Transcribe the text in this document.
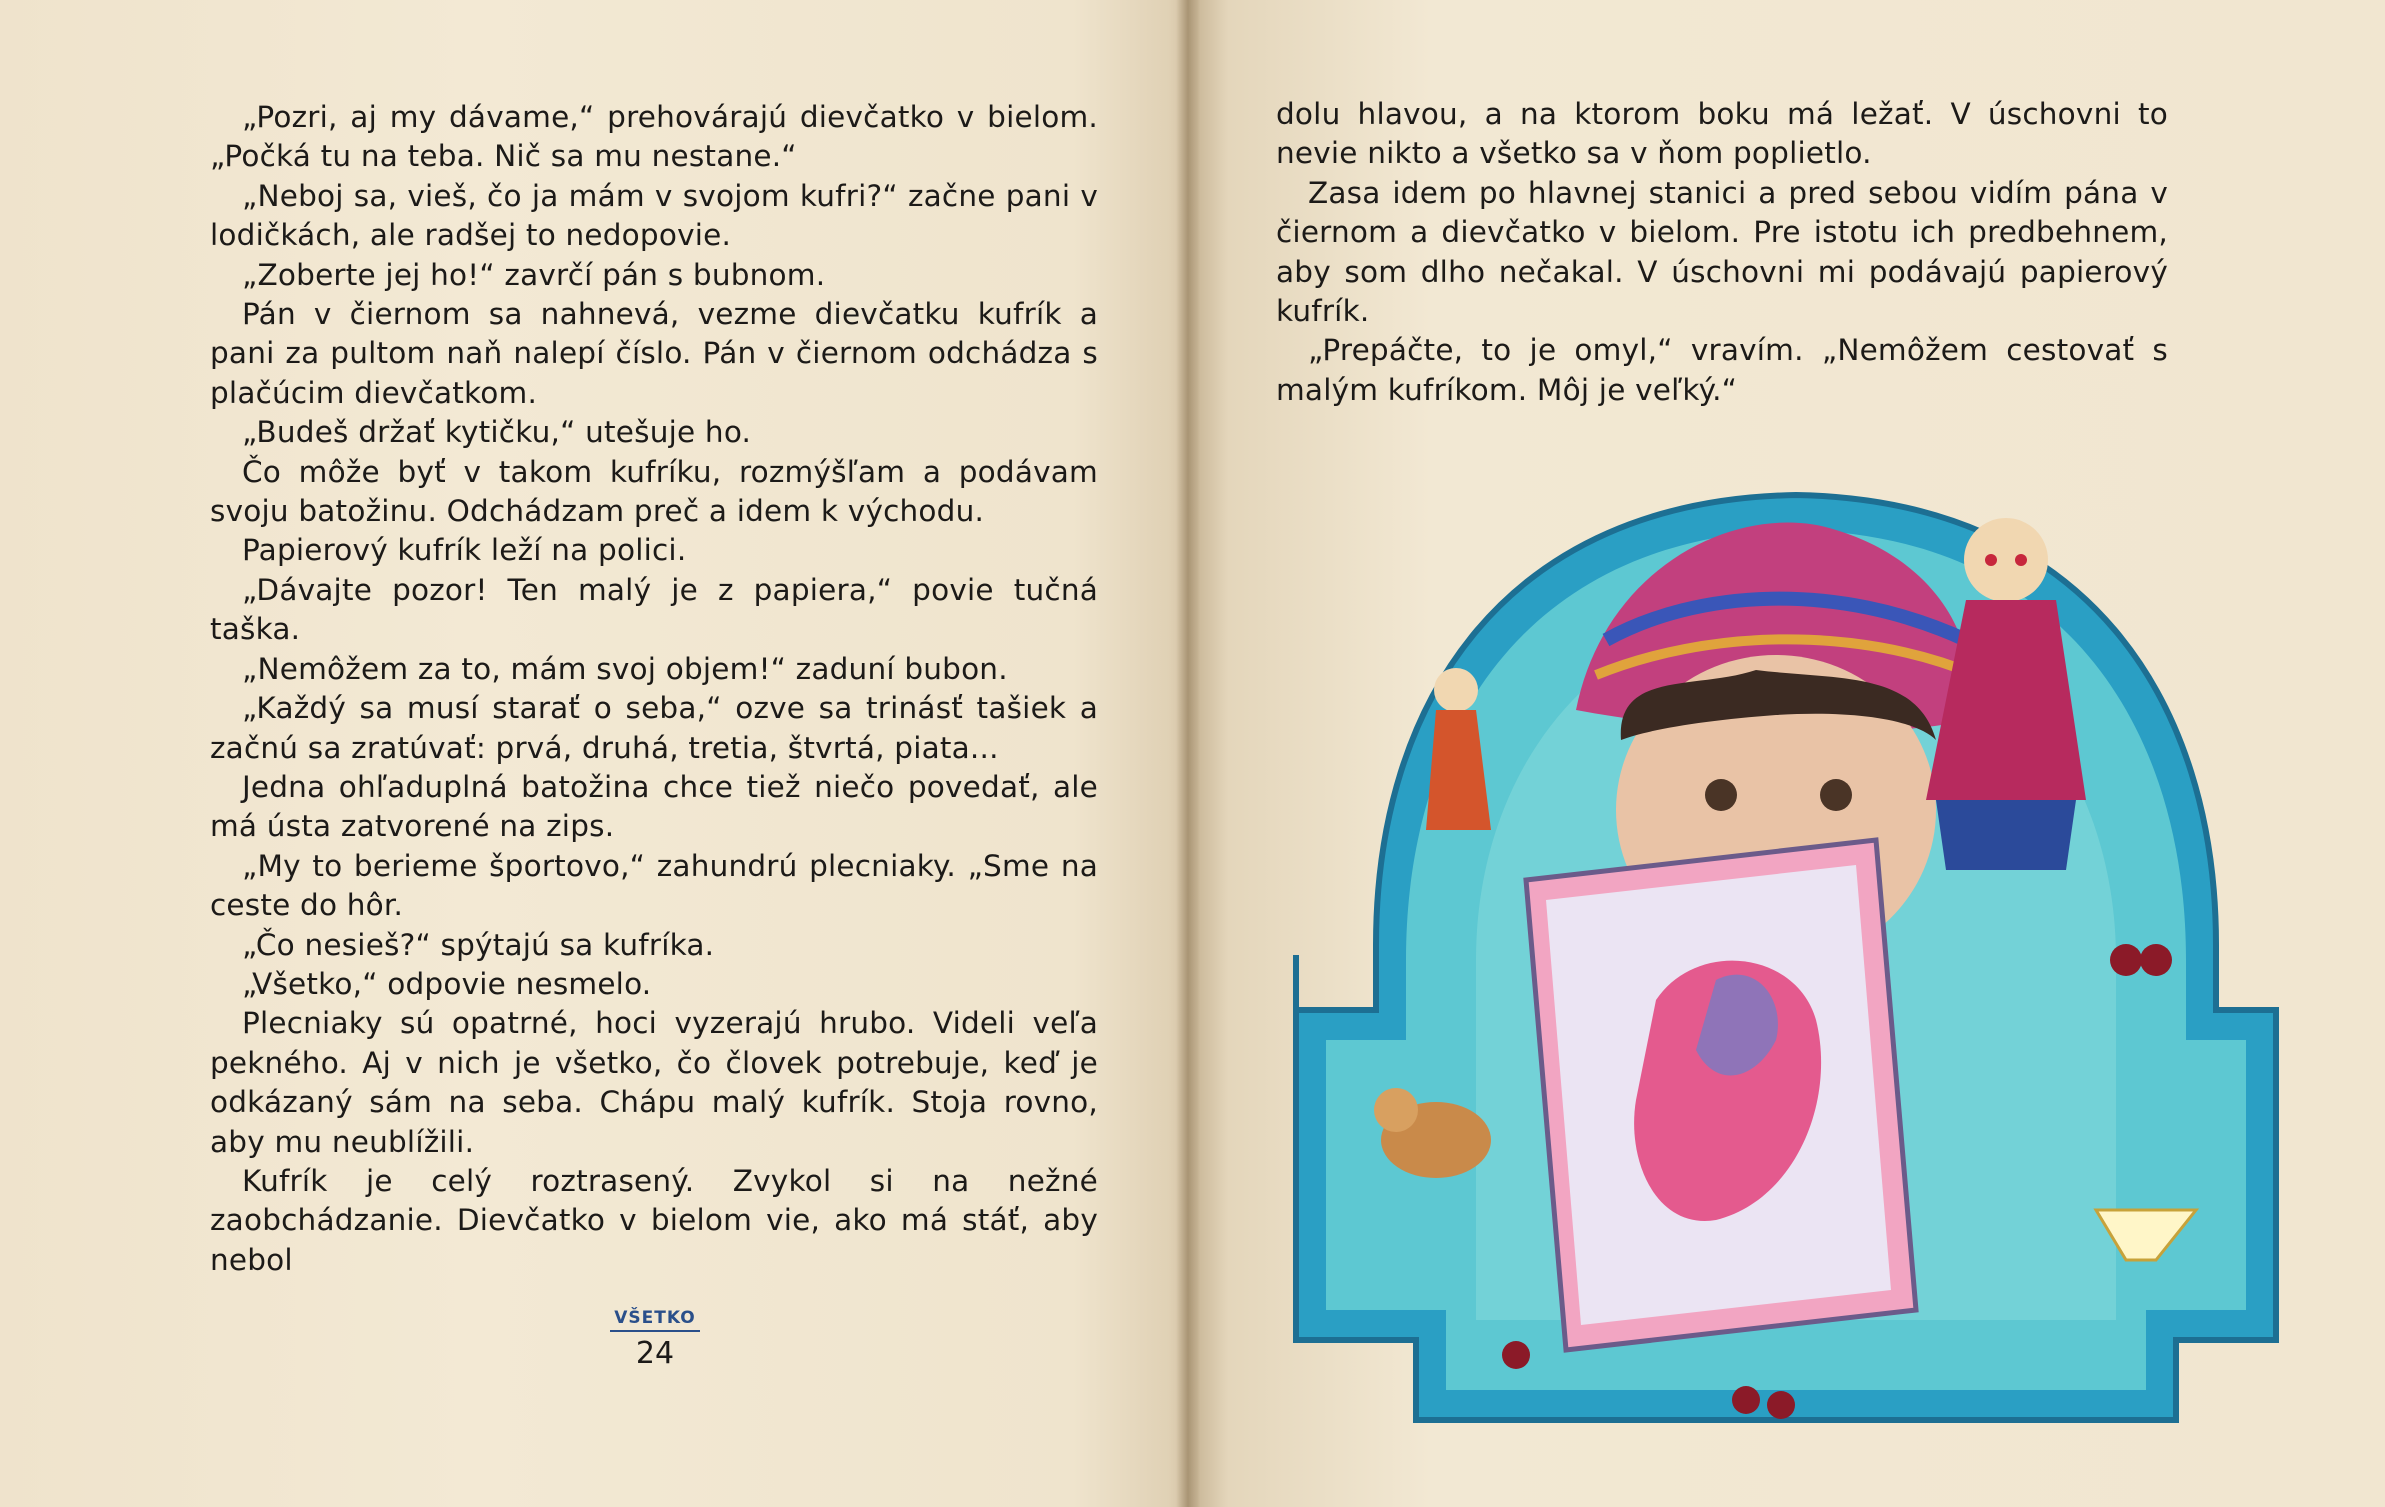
„Pozri, aj my dávame,“ prehovárajú dievčatko v bielom. „Počká tu na teba. Nič sa mu nestane.“

„Neboj sa, vieš, čo ja mám v svojom kufri?“ začne pani v lodičkách, ale radšej to nedopovie.

„Zoberte jej ho!“ zavrčí pán s bubnom.

Pán v čiernom sa nahnevá, vezme dievčatku kufrík a pani za pultom naň nalepí číslo. Pán v čiernom odchádza s plačúcim dievčatkom.

„Budeš držať kytičku,“ utešuje ho.

Čo môže byť v takom kufríku, rozmýšľam a podávam svoju batožinu. Odchádzam preč a idem k východu.

Papierový kufrík leží na polici.

„Dávajte pozor! Ten malý je z papiera,“ povie tučná taška.

„Nemôžem za to, mám svoj objem!“ zaduní bubon.

„Každý sa musí starať o seba,“ ozve sa trinásť tašiek a začnú sa zratúvať: prvá, druhá, tretia, štvrtá, piata...

Jedna ohľaduplná batožina chce tiež niečo povedať, ale má ústa zatvorené na zips.

„My to berieme športovo,“ zahundrú plecniaky. „Sme na ceste do hôr.

„Čo nesieš?“ spýtajú sa kufríka.

„Všetko,“ odpovie nesmelo.

Plecniaky sú opatrné, hoci vyzerajú hrubo. Videli veľa pekného. Aj v nich je všetko, čo človek potrebuje, keď je odkázaný sám na seba. Chápu malý kufrík. Stoja rovno, aby mu neublížili.

Kufrík je celý roztrasený. Zvykol si na nežné zaobchádzanie. Dievčatko v bielom vie, ako má stáť, aby nebol

VŠETKO
24

dolu hlavou, a na ktorom boku má ležať. V úschovni to nevie nikto a všetko sa v ňom poplietlo.

Zasa idem po hlavnej stanici a pred sebou vidím pána v čiernom a dievčatko v bielom. Pre istotu ich predbehnem, aby som dlho nečakal. V úschovni mi podávajú papierový kufrík.

„Prepáčte, to je omyl,“ vravím. „Nemôžem cestovať s malým kufríkom. Môj je veľký.“
